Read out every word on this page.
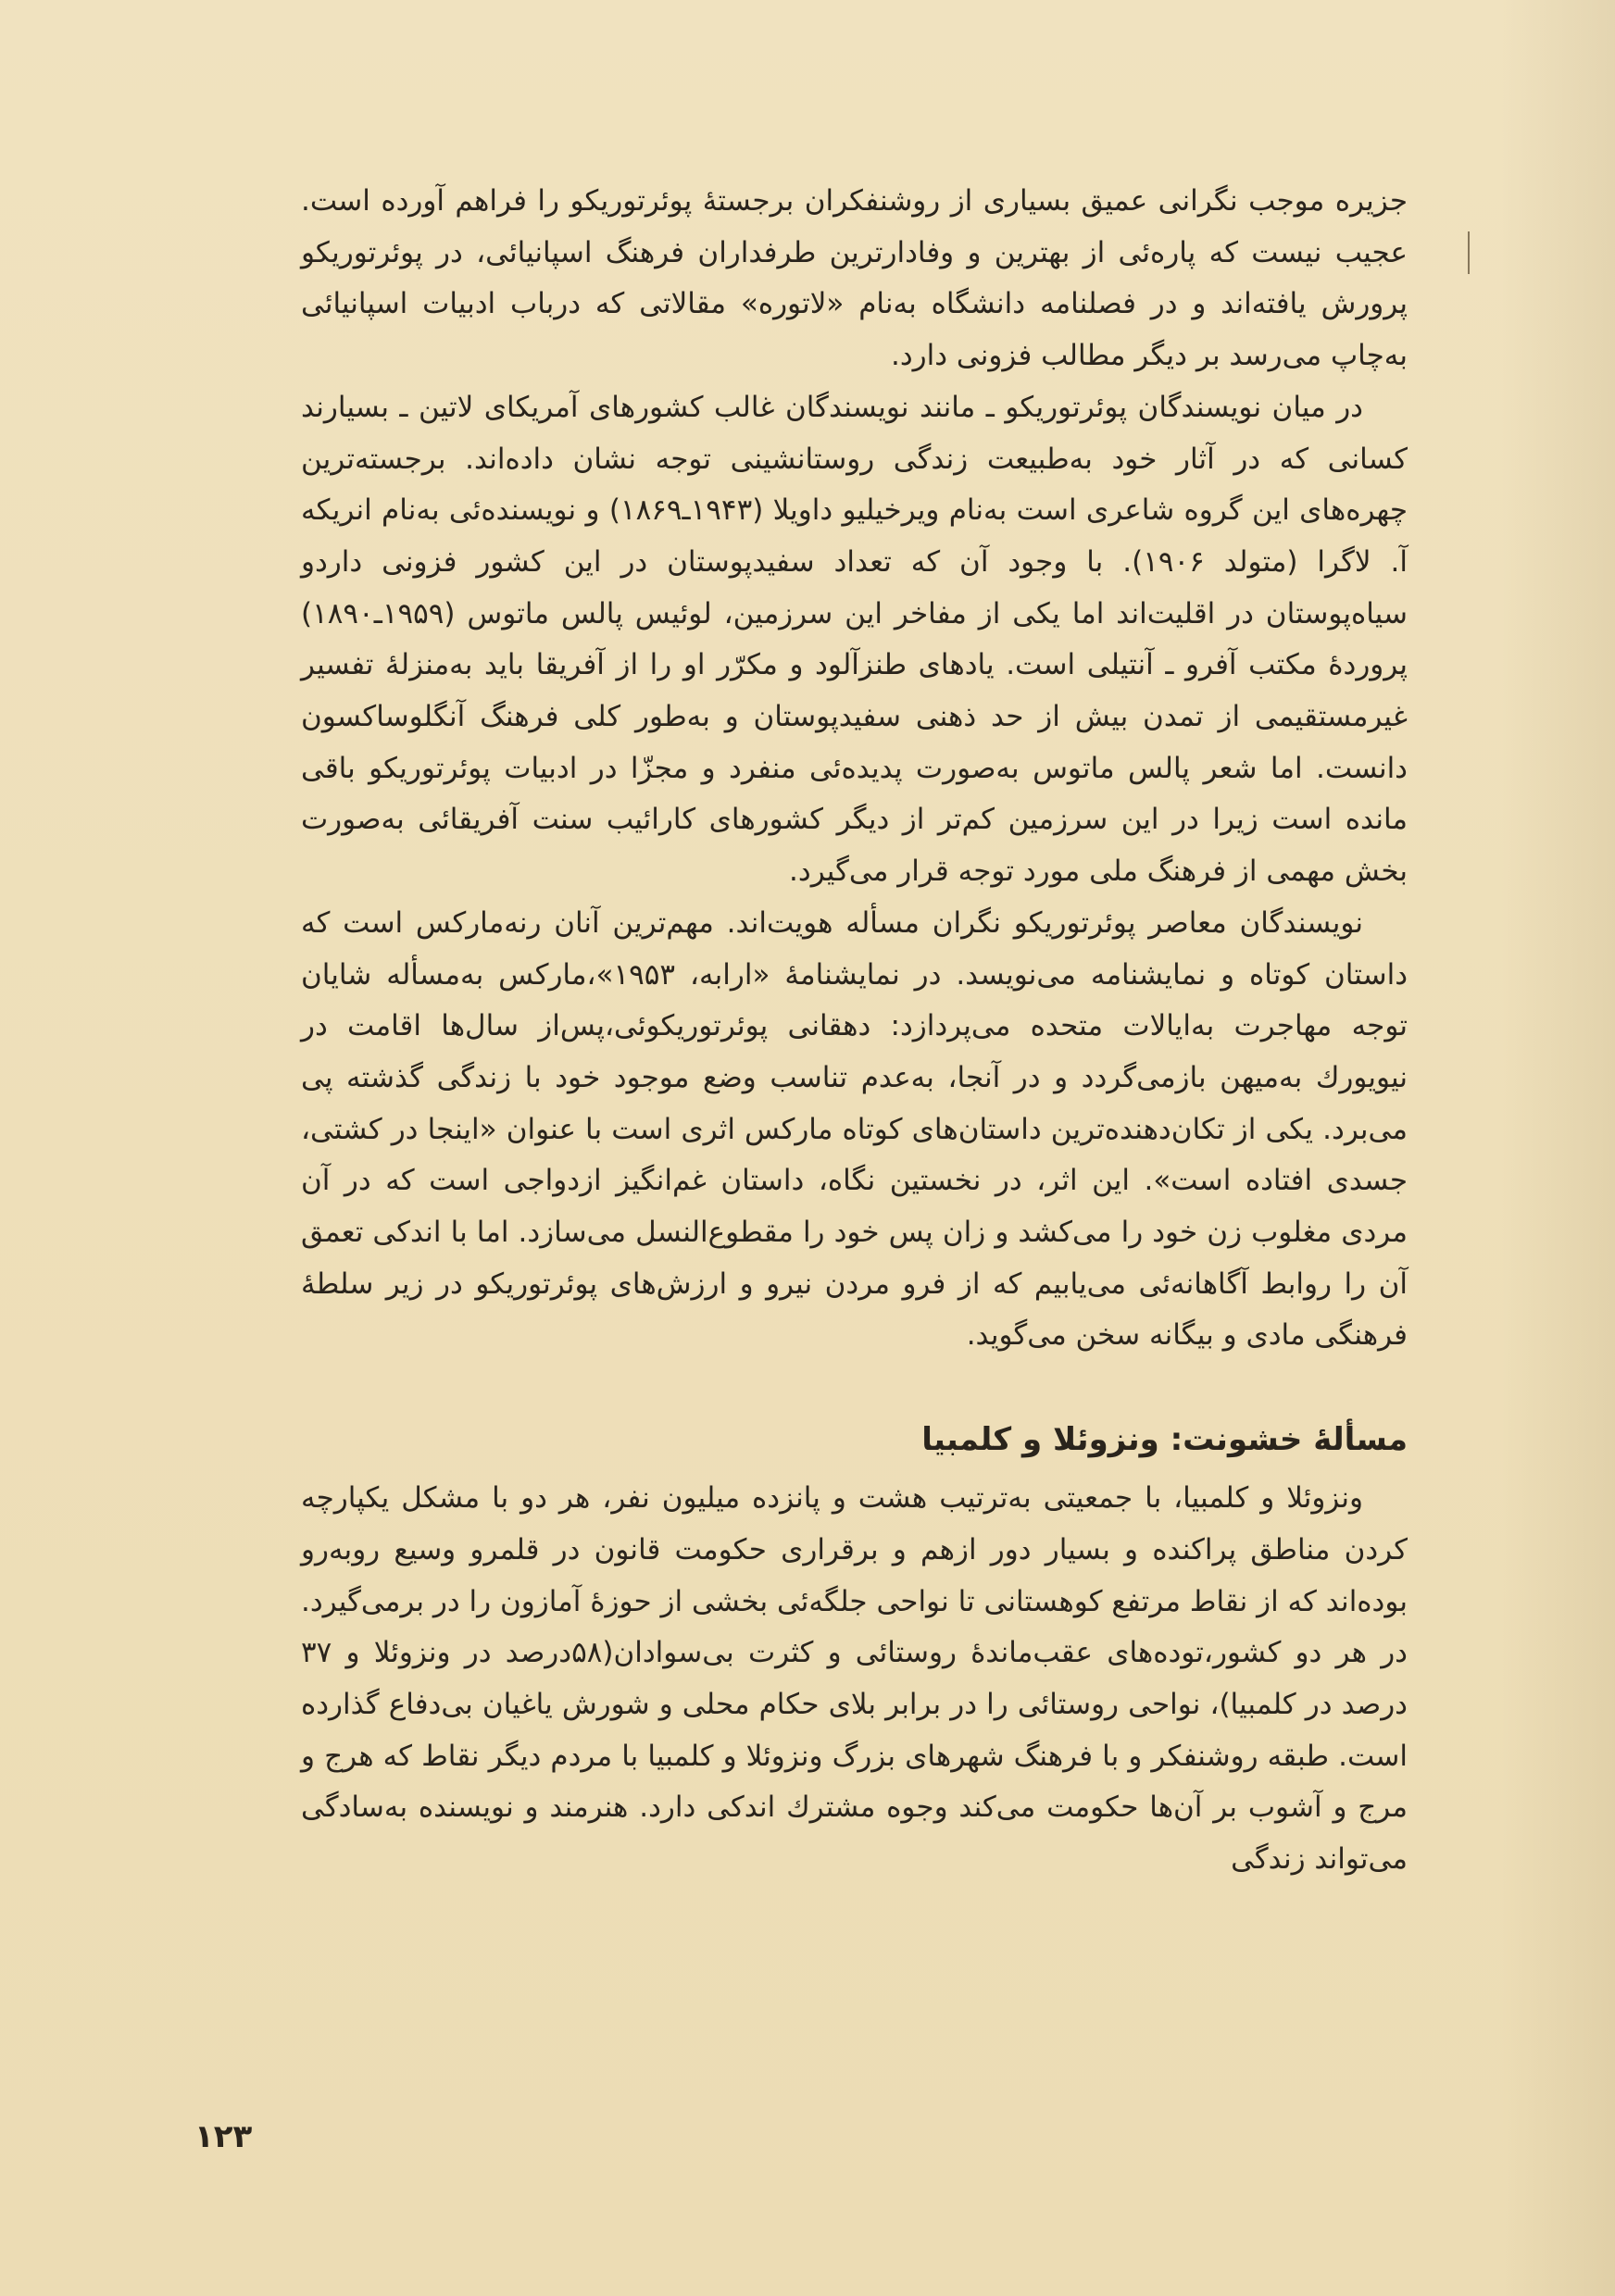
جزیره موجب نگرانی عمیق بسیاری از روشنفکران برجستهٔ پوئرتوریکو را فراهم آورده است. عجیب نیست که پاره‌ئی از بهترین و وفادارترین طرفداران فرهنگ اسپانیائی، در پوئرتوریکو پرورش یافته‌اند و در فصلنامه دانشگاه به‌نام «لاتوره» مقالاتی که درباب ادبیات اسپانیائی به‌چاپ می‌رسد بر دیگر مطالب فزونی دارد.

در میان نویسندگان پوئرتوریکو ـ مانند نویسندگان غالب کشورهای آمریکای لاتین ـ بسیارند کسانی که در آثار خود به‌طبیعت زندگی روستانشینی توجه نشان داده‌اند. برجسته‌ترین چهره‌های این گروه شاعری است به‌نام ویرخیلیو داویلا (۱۹۴۳ـ۱۸۶۹) و نویسنده‌ئی به‌نام انریکه آ. لاگرا (متولد ۱۹۰۶). با وجود آن که تعداد سفیدپوستان در این کشور فزونی داردو سیاه‌پوستان در اقلیت‌اند اما یکی از مفاخر این سرزمین، لوئیس پالس ماتوس (۱۹۵۹ـ۱۸۹۰) پروردهٔ مکتب آفرو ـ آنتیلی است. یادهای طنزآلود و مکرّر او را از آفریقا باید به‌منزلهٔ تفسیر غیرمستقیمی از تمدن بیش از حد ذهنی سفیدپوستان و به‌طور کلی فرهنگ آنگلوساکسون دانست. اما شعر پالس ماتوس به‌صورت پدیده‌ئی منفرد و مجزّا در ادبیات پوئرتوریکو باقی مانده است زیرا در این سرزمین کم‌تر از دیگر کشورهای کارائیب سنت آفریقائی به‌صورت بخش مهمی از فرهنگ ملی مورد توجه قرار می‌گیرد.

نویسندگان معاصر پوئرتوریکو نگران مسأله هویت‌اند. مهم‌ترین آنان رنه‌مارکس است که داستان کوتاه و نمایشنامه می‌نویسد. در نمایشنامهٔ «ارابه، ۱۹۵۳»،مارکس به‌مسأله شایان توجه مهاجرت به‌ایالات متحده می‌پردازد: دهقانی پوئرتوریکوئی،پس‌از سال‌ها اقامت در نیویورك به‌میهن بازمی‌گردد و در آنجا، به‌عدم تناسب وضع موجود خود با زندگی گذشته پی می‌برد. یکی از تکان‌دهنده‌ترین داستان‌های کوتاه مارکس اثری است با عنوان «اینجا در کشتی، جسدی افتاده است». این اثر، در نخستین نگاه، داستان غم‌انگیز ازدواجی است که در آن مردی مغلوب زن خود را می‌کشد و زان پس خود را مقطوع‌النسل می‌سازد. اما با اندکی تعمق آن را روابط آگاهانه‌ئی می‌یابیم که از فرو مردن نیرو و ارزش‌های پوئرتوریکو در زیر سلطهٔ فرهنگی مادی و بیگانه سخن می‌گوید.

مسألهٔ خشونت: ونزوئلا و کلمبیا

ونزوئلا و کلمبیا، با جمعیتی به‌ترتیب هشت و پانزده میلیون نفر، هر دو با مشکل یکپارچه کردن مناطق پراکنده و بسیار دور ازهم و برقراری حکومت قانون در قلمرو وسیع روبه‌رو بوده‌اند که از نقاط مرتفع کوهستانی تا نواحی جلگه‌ئی بخشی از حوزهٔ آمازون را در برمی‌گیرد. در هر دو کشور،توده‌های عقب‌ماندهٔ روستائی و کثرت بی‌سوادان(۵۸درصد در ونزوئلا و ۳۷ درصد در کلمبیا)، نواحی روستائی را در برابر بلای حکام محلی و شورش یاغیان بی‌دفاع گذارده است. طبقه روشنفکر و با فرهنگ شهرهای بزرگ ونزوئلا و کلمبیا با مردم دیگر نقاط که هرج و مرج و آشوب بر آن‌ها حکومت می‌کند وجوه مشترك اندکی دارد. هنرمند و نویسنده به‌سادگی می‌تواند زندگی

۱۲۳
